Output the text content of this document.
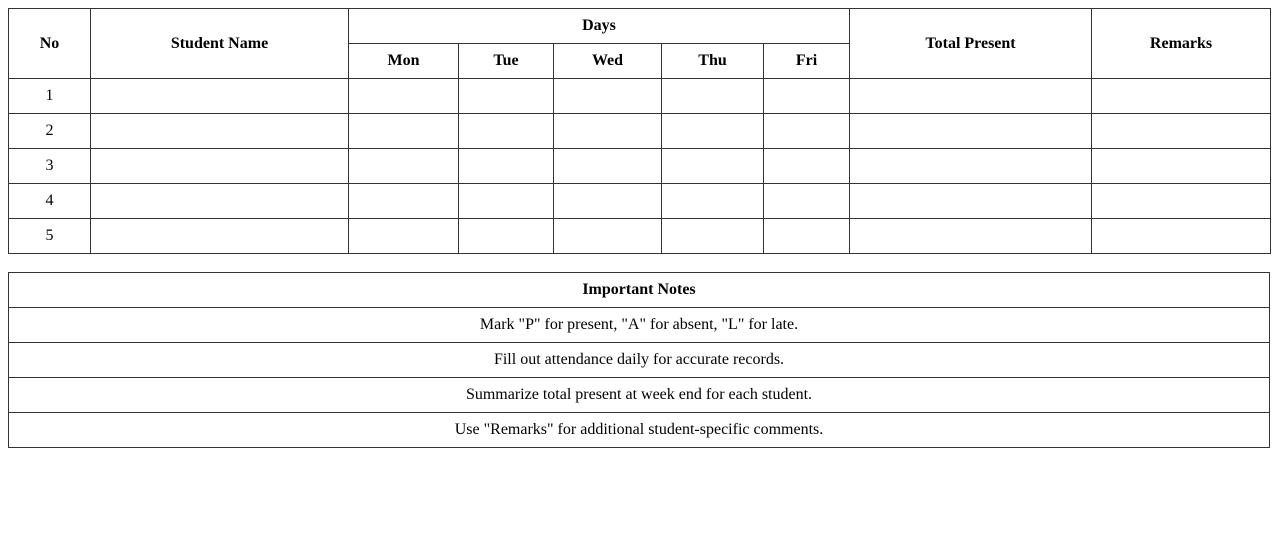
No	Student Name	Days					Total Present	Remarks
		Mon	Tue	Wed	Thu	Fri		
1								
2								
3								
4								
5								
Important Notes
Mark "P" for present, "A" for absent, "L" for late.
Fill out attendance daily for accurate records.
Summarize total present at week end for each student.
Use "Remarks" for additional student-specific comments.
